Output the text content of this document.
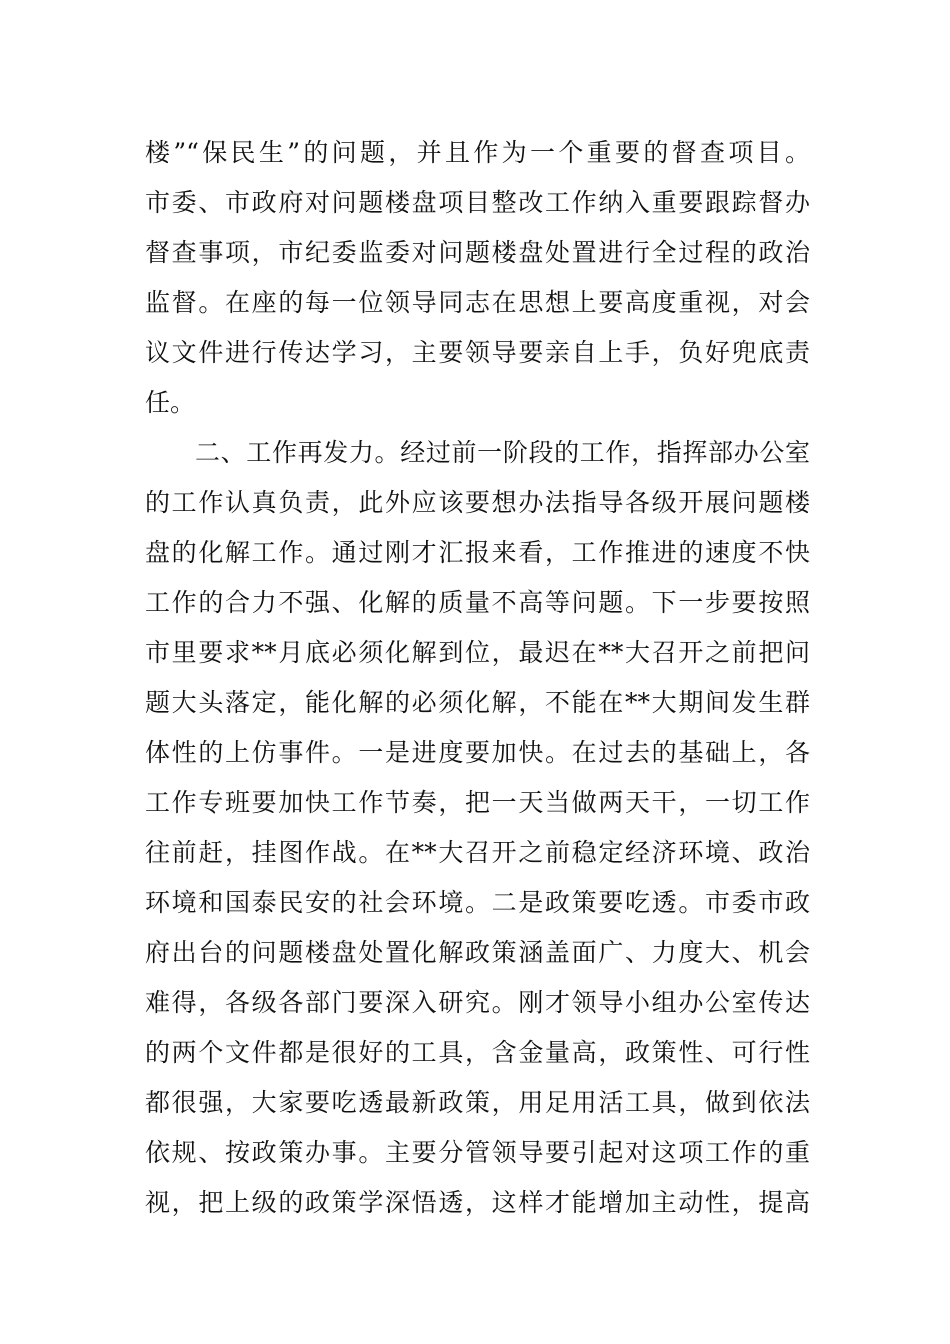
楼”“保民生”的问题，并且作为一个重要的督查项目。
市委、市政府对问题楼盘项目整改工作纳入重要跟踪督办
督查事项，市纪委监委对问题楼盘处置进行全过程的政治
监督。在座的每一位领导同志在思想上要高度重视，对会
议文件进行传达学习，主要领导要亲自上手，负好兜底责
任。
二、工作再发力。经过前一阶段的工作，指挥部办公室
的工作认真负责，此外应该要想办法指导各级开展问题楼
盘的化解工作。通过刚才汇报来看，工作推进的速度不快
工作的合力不强、化解的质量不高等问题。下一步要按照
市里要求**月底必须化解到位，最迟在**大召开之前把问
题大头落定，能化解的必须化解，不能在**大期间发生群
体性的上仿事件。一是进度要加快。在过去的基础上，各
工作专班要加快工作节奏，把一天当做两天干，一切工作
往前赶，挂图作战。在**大召开之前稳定经济环境、政治
环境和国泰民安的社会环境。二是政策要吃透。市委市政
府出台的问题楼盘处置化解政策涵盖面广、力度大、机会
难得，各级各部门要深入研究。刚才领导小组办公室传达
的两个文件都是很好的工具，含金量高，政策性、可行性
都很强，大家要吃透最新政策，用足用活工具，做到依法
依规、按政策办事。主要分管领导要引起对这项工作的重
视，把上级的政策学深悟透，这样才能增加主动性，提高
